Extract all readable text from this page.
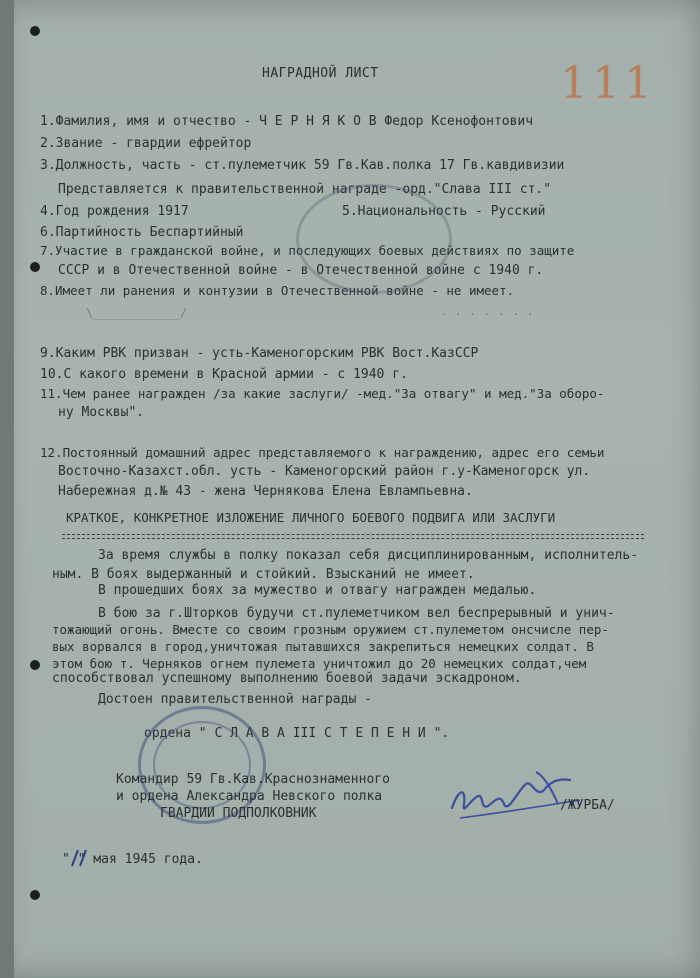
111
НАГРАДНОЙ ЛИСТ
1.Фамилия, имя и отчество - Ч Е Р Н Я К О В Федор Ксенофонтович
2.Звание - гвардии ефрейтор
3.Должность, часть - ст.пулеметчик 59 Гв.Кав.полка 17 Гв.кавдивизии
Представляется к правительственной награде -орд."Слава III ст."
4.Год рождения 1917	5.Национальность - Русский
6.Партийность Беспартийный
7.Участие в гражданской войне, и последующих боевых действиях по защите
СССР и в Отечественной войне - в Отечественной войне с 1940 г.
8.Имеет ли ранения и контузии в Отечественной войне - не имеет.
\____________/	. . . . . . .
9.Каким РВК призван - усть-Каменогорским РВК Вост.КазССР
10.С какого времени в Красной армии - с 1940 г.
11.Чем ранее награжден /за какие заслуги/ -мед."За отвагу" и мед."За оборо-
ну Москвы".
12.Постоянный домашний адрес представляемого к награждению, адрес его семьи
Восточно-Казахст.обл. усть - Каменогорский район г.у-Каменогорск ул.
Набережная д.№ 43 - жена Чернякова Елена Евлампьевна.
КРАТКОЕ, КОНКРЕТНОЕ ИЗЛОЖЕНИЕ ЛИЧНОГО БОЕВОГО ПОДВИГА ИЛИ ЗАСЛУГИ
За время службы в полку показал себя дисциплинированным, исполнитель-
ным. В боях выдержанный и стойкий. Взысканий не имеет.
В прошедших боях за мужество и отвагу награжден медалью.
В бою за г.Шторков будучи ст.пулеметчиком вел беспрерывный и унич-
тожающий огонь. Вместе со своим грозным оружием ст.пулеметом онсчисле пер-
вых ворвался в город,уничтожая пытавшихся закрепиться немецких солдат. В
этом бою т. Черняков огнем пулемета уничтожил до 20 немецких солдат,чем
способствовал успешному выполнению боевой задачи эскадроном.
Достоен правительственной награды -
ордена " С Л А В А III С Т Е П Е Н И ".
Командир 59 Гв.Кав.Краснознаменного
и ордена Александра Невского полка
ГВАРДИИ ПОДПОЛКОВНИК
/ЖУРБА/
" " мая 1945 года.
